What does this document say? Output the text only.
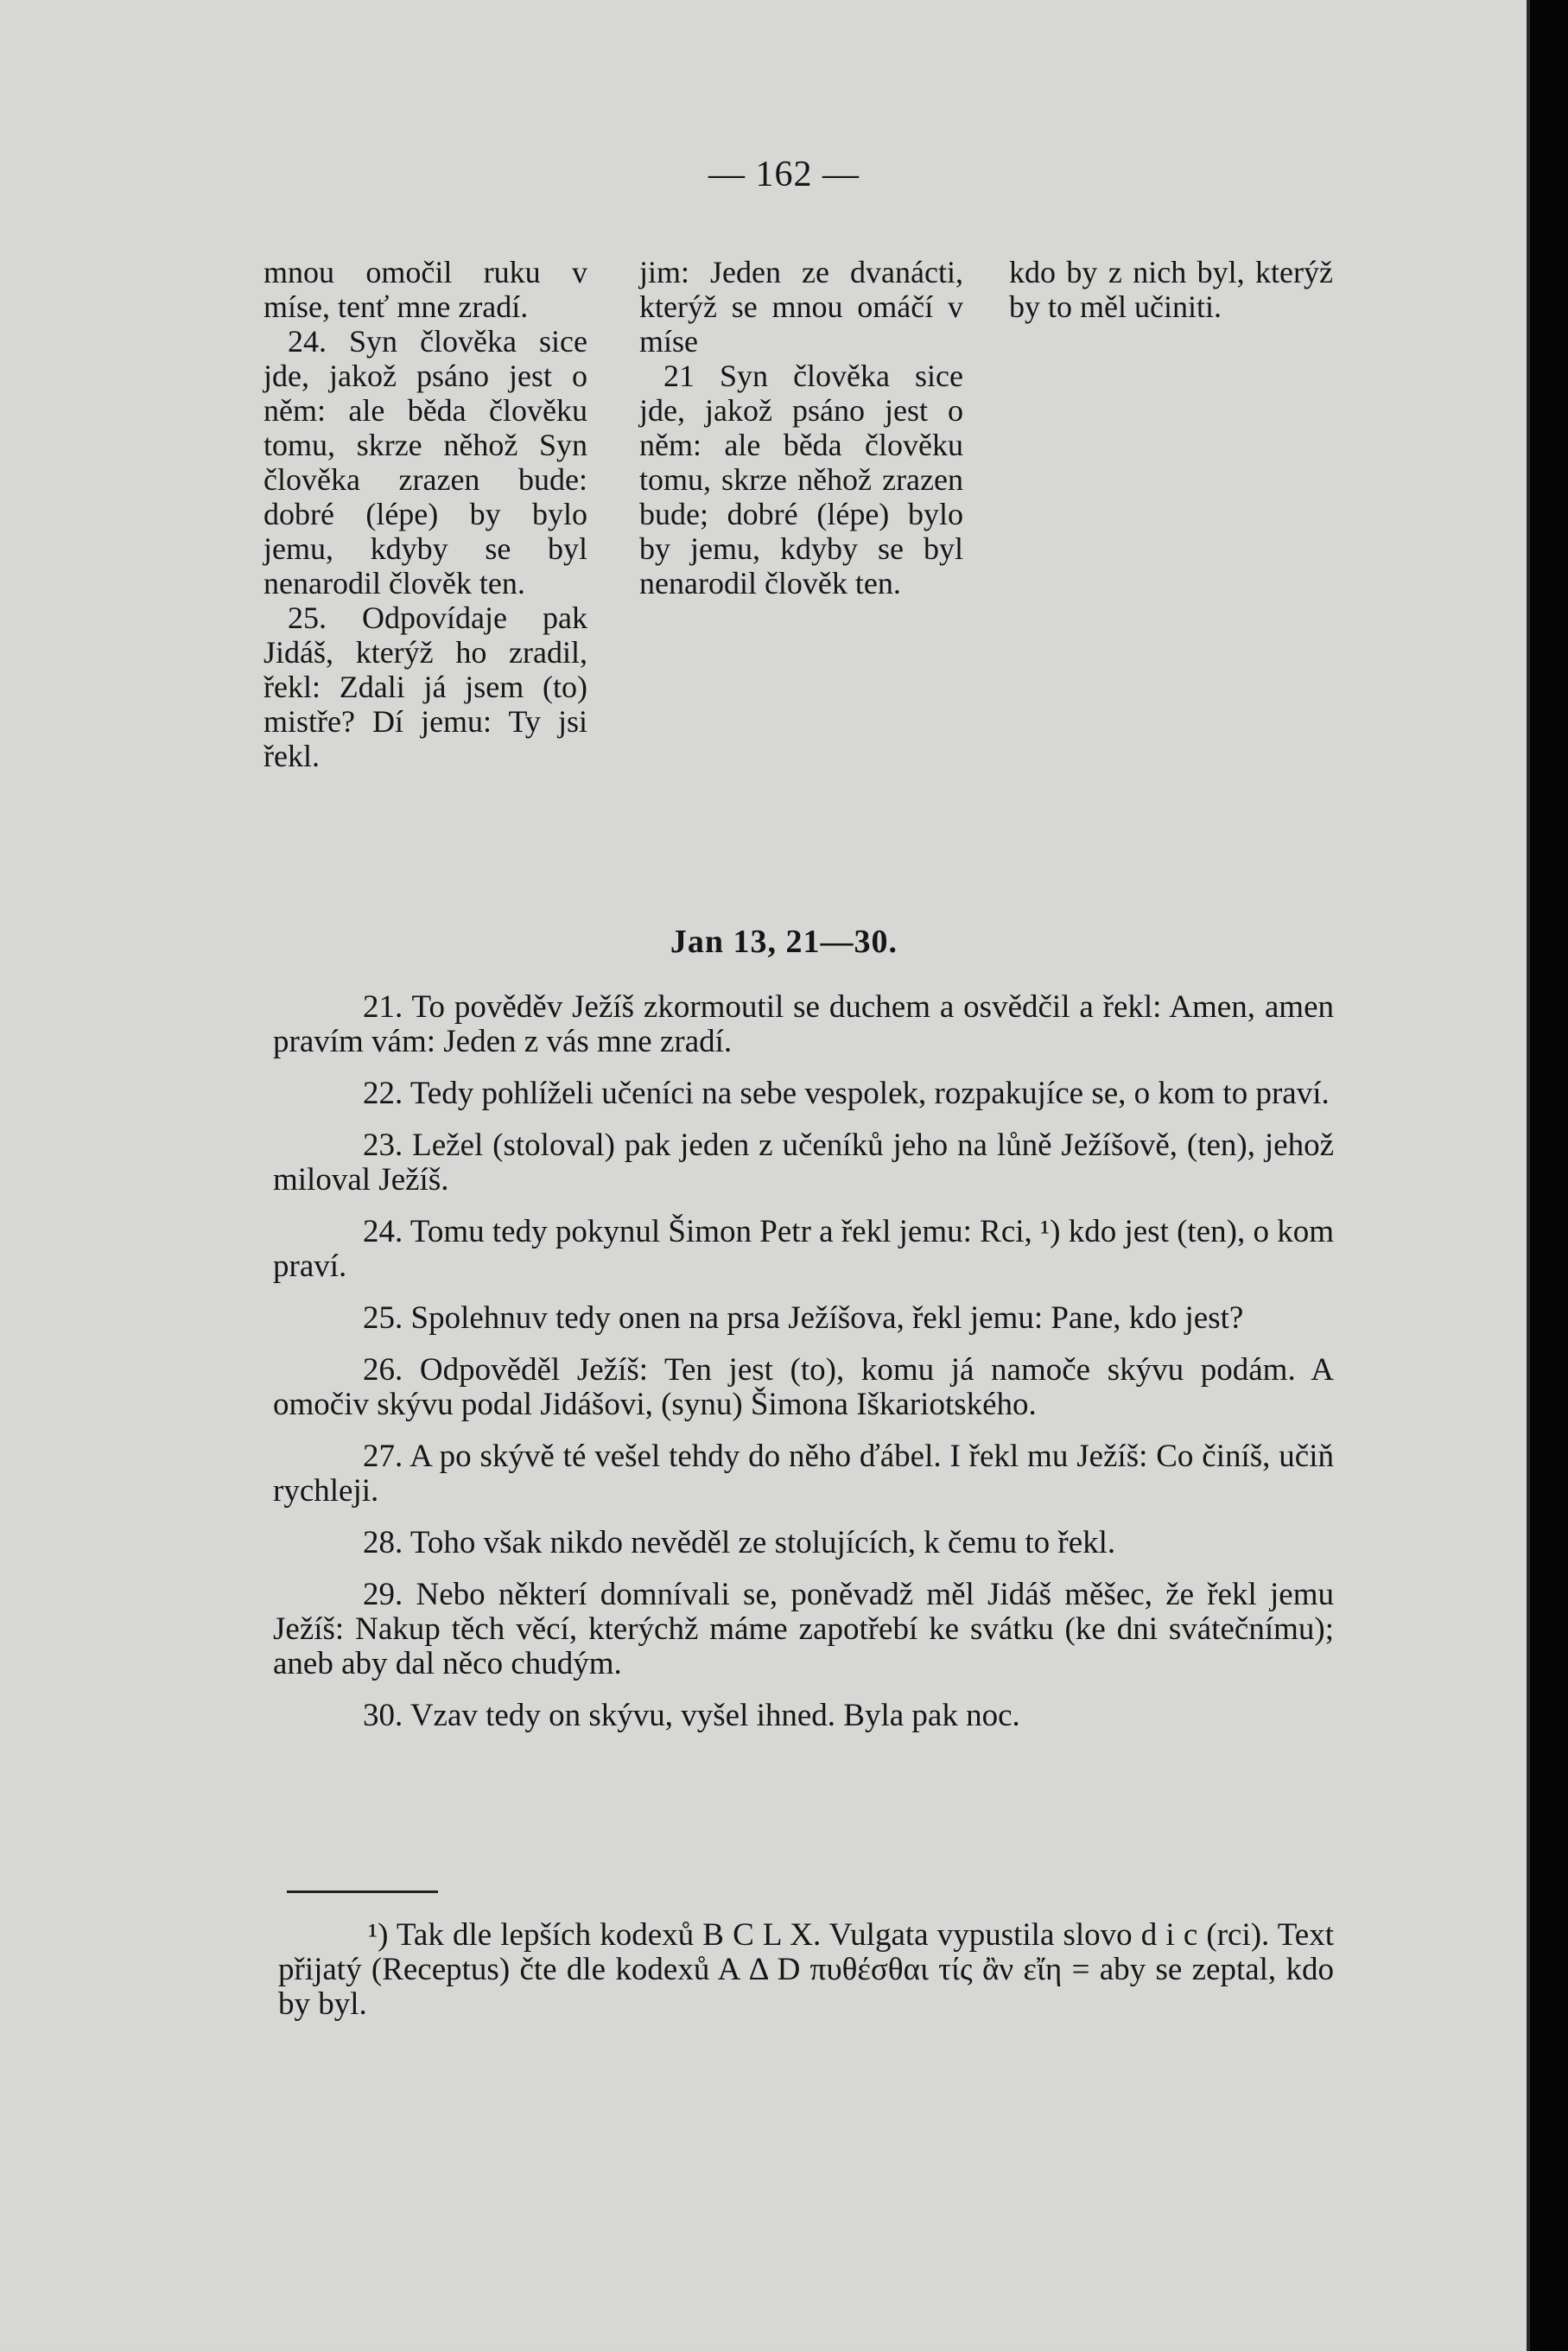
— 162 —

mnou omočil ruku v míse, tenť mne zradí.

24. Syn člověka sice jde, jakož psáno jest o něm: ale běda člověku tomu, skrze něhož Syn člověka zrazen bude: dobré (lépe) by bylo jemu, kdyby se byl nenarodil člověk ten.

25. Odpovídaje pak Jidáš, kterýž ho zradil, řekl: Zdali já jsem (to) mistře? Dí jemu: Ty jsi řekl.

jim: Jeden ze dvanácti, kterýž se mnou omáčí v míse

21 Syn člověka sice jde, jakož psáno jest o něm: ale běda člověku tomu, skrze něhož zrazen bude; dobré (lépe) bylo by jemu, kdyby se byl nenarodil člověk ten.

kdo by z nich byl, kterýž by to měl učiniti.

Jan 13, 21—30.

21. To pověděv Ježíš zkormoutil se duchem a osvědčil a řekl: Amen, amen pravím vám: Jeden z vás mne zradí.

22. Tedy pohlíželi učeníci na sebe vespolek, rozpakujíce se, o kom to praví.

23. Ležel (stoloval) pak jeden z učeníků jeho na lůně Ježíšově, (ten), jehož miloval Ježíš.

24. Tomu tedy pokynul Šimon Petr a řekl jemu: Rci, ¹) kdo jest (ten), o kom praví.

25. Spolehnuv tedy onen na prsa Ježíšova, řekl jemu: Pane, kdo jest?

26. Odpověděl Ježíš: Ten jest (to), komu já namoče skývu podám. A omočiv skývu podal Jidášovi, (synu) Šimona Iškariotského.

27. A po skývě té vešel tehdy do něho ďábel. I řekl mu Ježíš: Co činíš, učiň rychleji.

28. Toho však nikdo nevěděl ze stolujících, k čemu to řekl.

29. Nebo některí domnívali se, poněvadž měl Jidáš měšec, že řekl jemu Ježíš: Nakup těch věcí, kterýchž máme zapotřebí ke svátku (ke dni svátečnímu); aneb aby dal něco chudým.

30. Vzav tedy on skývu, vyšel ihned. Byla pak noc.

¹) Tak dle lepších kodexů B C L X. Vulgata vypustila slovo d i c (rci). Text přijatý (Receptus) čte dle kodexů A Δ D πυθέσθαι τίς ἂν εἴη = aby se zeptal, kdo by byl.
